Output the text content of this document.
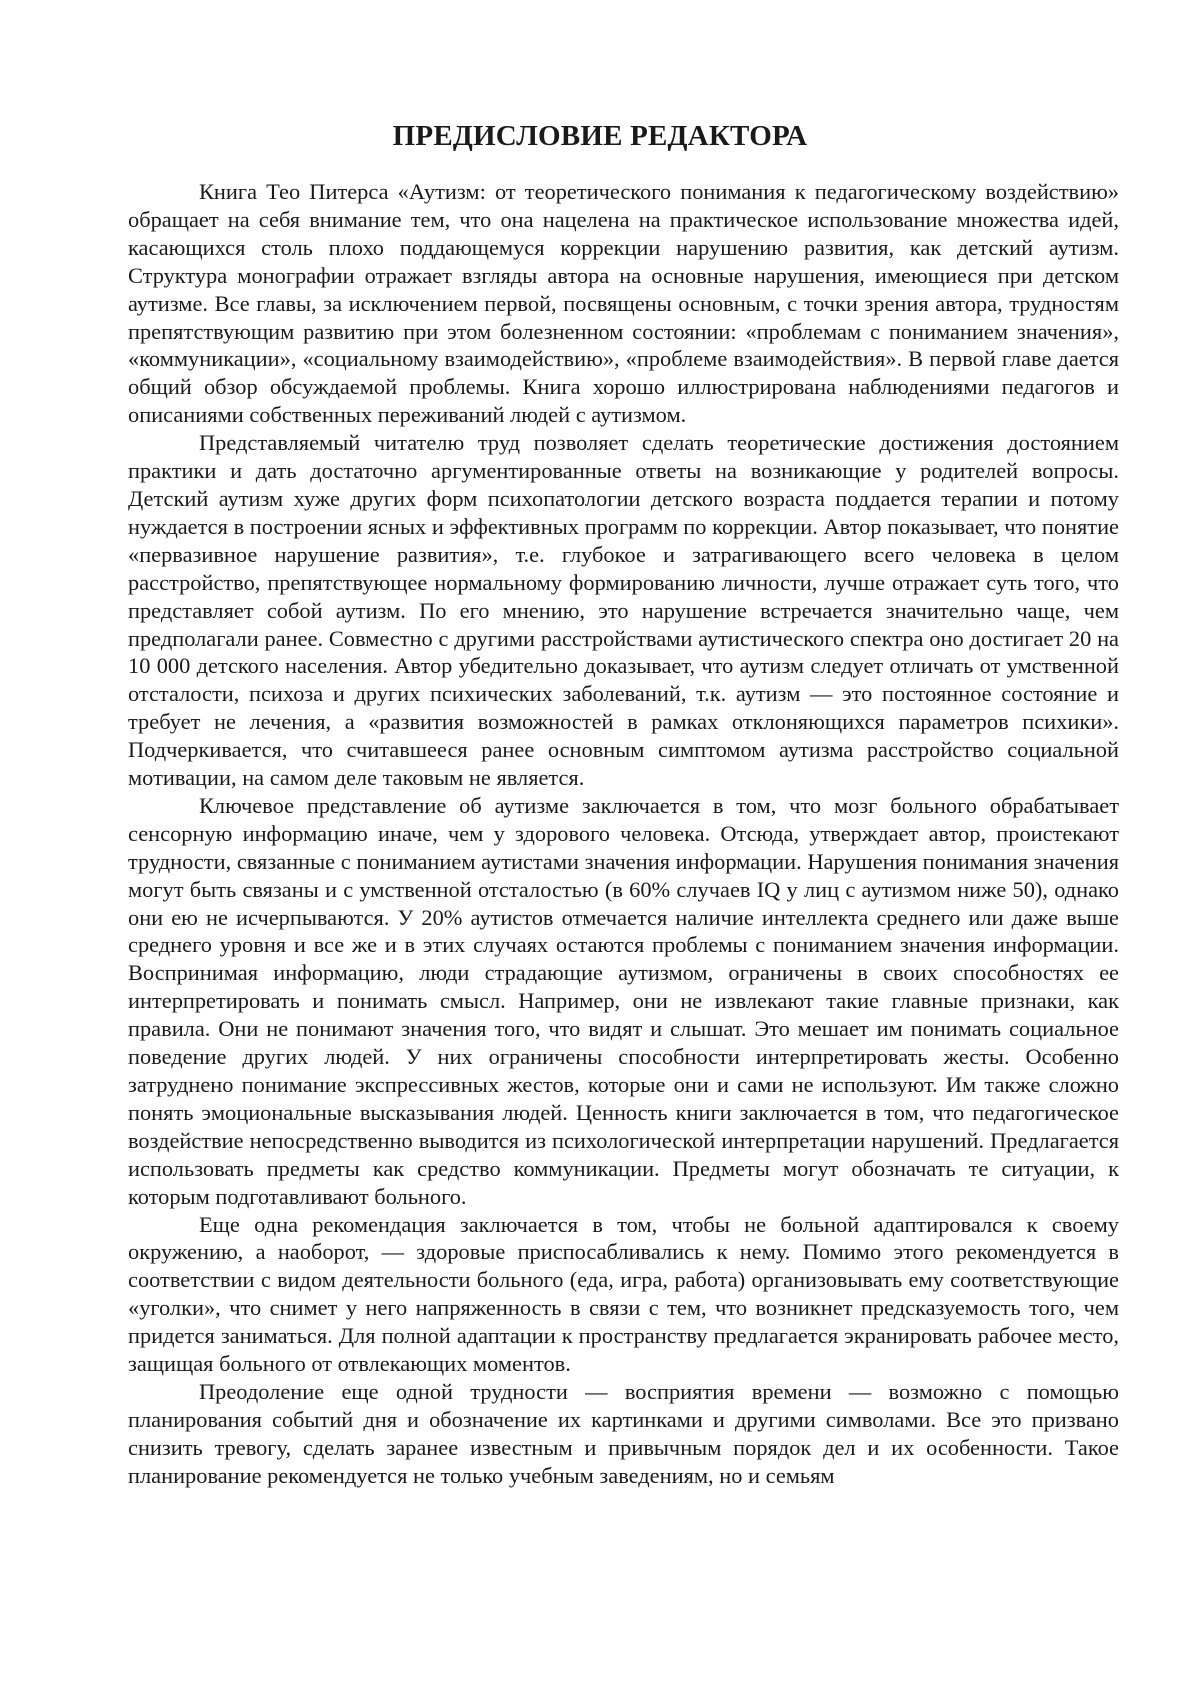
ПРЕДИСЛОВИЕ РЕДАКТОРА

Книга Тео Питерса «Аутизм: от теоретического понимания к педагогическому воздействию» обращает на себя внимание тем, что она нацелена на практическое использование множества идей, касающихся столь плохо поддающемуся коррекции нарушению развития, как детский аутизм. Структура монографии отражает взгляды автора на основные нарушения, имеющиеся при детском аутизме. Все главы, за исключением первой, посвящены основным, с точки зрения автора, трудностям препятствующим развитию при этом болезненном состоянии: «проблемам с пониманием значения», «коммуникации», «социальному взаимодействию», «проблеме взаимодействия». В первой главе дается общий обзор обсуждаемой проблемы. Книга хорошо иллюстрирована наблюдениями педагогов и описаниями собственных переживаний людей с аутизмом.

Представляемый читателю труд позволяет сделать теоретические достижения достоянием практики и дать достаточно аргументированные ответы на возникающие у родителей вопросы. Детский аутизм хуже других форм психопатологии детского возраста поддается терапии и потому нуждается в построении ясных и эффективных программ по коррекции. Автор показывает, что понятие «первазивное нарушение развития», т.е. глубокое и затрагивающего всего человека в целом расстройство, препятствующее нормальному формированию личности, лучше отражает суть того, что представляет собой аутизм. По его мнению, это нарушение встречается значительно чаще, чем предполагали ранее. Совместно с другими расстройствами аутистического спектра оно достигает 20 на 10 000 детского населения. Автор убедительно доказывает, что аутизм следует отличать от умственной отсталости, психоза и других психических заболеваний, т.к. аутизм — это постоянное состояние и требует не лечения, а «развития возможностей в рамках отклоняющихся параметров психики». Подчеркивается, что считавшееся ранее основным симптомом аутизма расстройство социальной мотивации, на самом деле таковым не является.

Ключевое представление об аутизме заключается в том, что мозг больного обрабатывает сенсорную информацию иначе, чем у здорового человека. Отсюда, утверждает автор, проистекают трудности, связанные с пониманием аутистами значения информации. Нарушения понимания значения могут быть связаны и с умственной отсталостью (в 60% случаев IQ у лиц с аутизмом ниже 50), однако они ею не исчерпываются. У 20% аутистов отмечается наличие интеллекта среднего или даже выше среднего уровня и все же и в этих случаях остаются проблемы с пониманием значения информации. Воспринимая информацию, люди страдающие аутизмом, ограничены в своих способностях ее интерпретировать и понимать смысл. Например, они не извлекают такие главные признаки, как правила. Они не понимают значения того, что видят и слышат. Это мешает им понимать социальное поведение других людей. У них ограничены способности интерпретировать жесты. Особенно затруднено понимание экспрессивных жестов, которые они и сами не используют. Им также сложно понять эмоциональные высказывания людей. Ценность книги заключается в том, что педагогическое воздействие непосредственно выводится из психологической интерпретации нарушений. Предлагается использовать предметы как средство коммуникации. Предметы могут обозначать те ситуации, к которым подготавливают больного.

Еще одна рекомендация заключается в том, чтобы не больной адаптировался к своему окружению, а наоборот, — здоровые приспосабливались к нему. Помимо этого рекомендуется в соответствии с видом деятельности больного (еда, игра, работа) организовывать ему соответствующие «уголки», что снимет у него напряженность в связи с тем, что возникнет предсказуемость того, чем придется заниматься. Для полной адаптации к пространству предлагается экранировать рабочее место, защищая больного от отвлекающих моментов.

Преодоление еще одной трудности — восприятия времени — возможно с помощью планирования событий дня и обозначение их картинками и другими символами. Все это призвано снизить тревогу, сделать заранее известным и привычным порядок дел и их особенности. Такое планирование рекомендуется не только учебным заведениям, но и семьям
